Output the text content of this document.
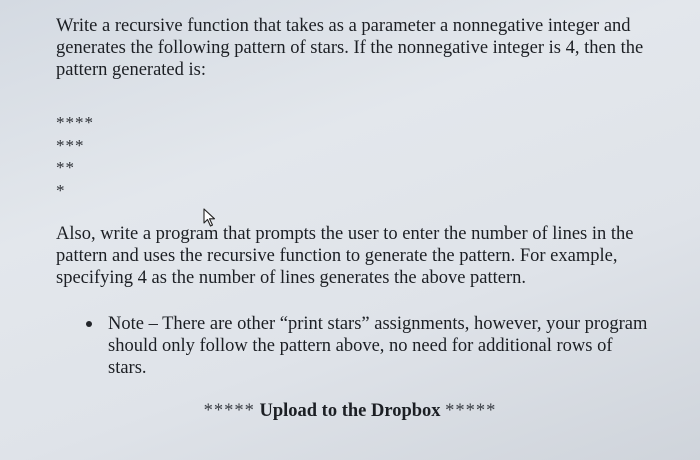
Write a recursive function that takes as a parameter a nonnegative integer and generates the following pattern of stars. If the nonnegative integer is 4, then the pattern generated is:

****
***
**
*

Also, write a program that prompts the user to enter the number of lines in the pattern and uses the recursive function to generate the pattern. For example, specifying 4 as the number of lines generates the above pattern.

Note – There are other “print stars” assignments, however, your program should only follow the pattern above, no need for additional rows of stars.

***** Upload to the Dropbox *****
